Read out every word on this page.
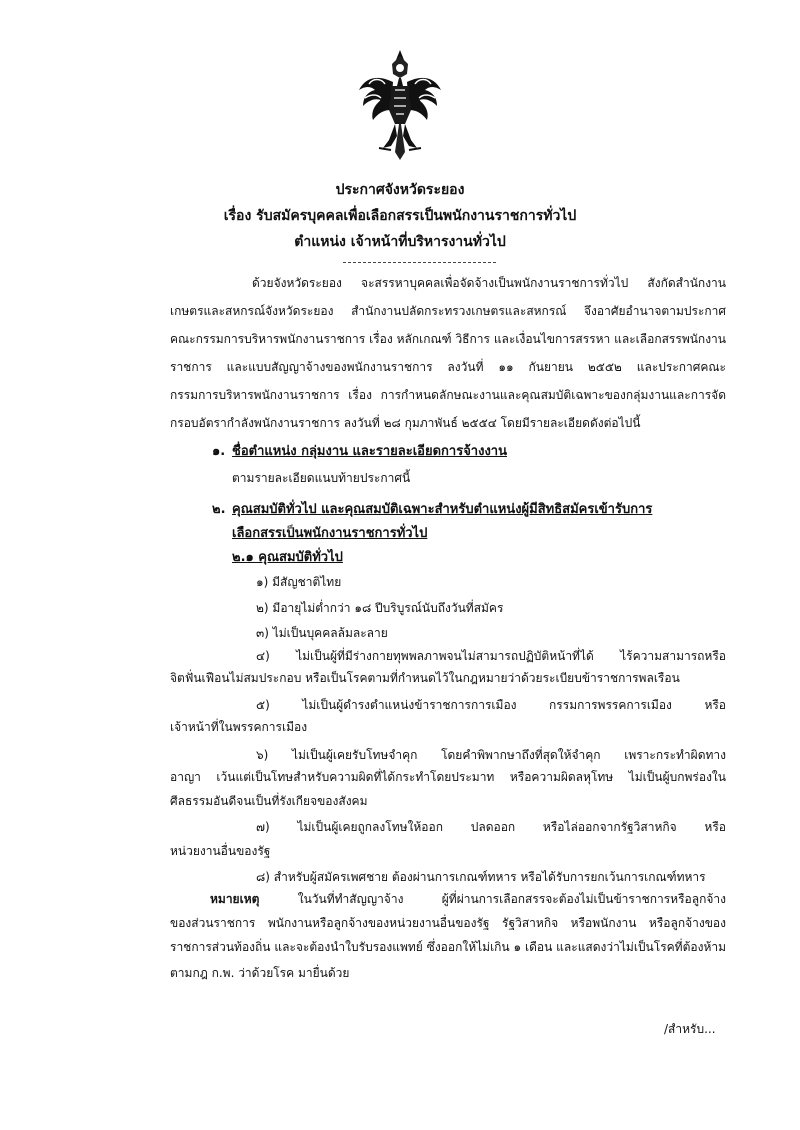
ประกาศจังหวัดระยอง
เรื่อง รับสมัครบุคคลเพื่อเลือกสรรเป็นพนักงานราชการทั่วไป
ตำแหน่ง เจ้าหน้าที่บริหารงานทั่วไป
ด้วยจังหวัดระยอง จะสรรหาบุคคลเพื่อจัดจ้างเป็นพนักงานราชการทั่วไป สังกัดสำนักงาน
เกษตรและสหกรณ์จังหวัดระยอง สำนักงานปลัดกระทรวงเกษตรและสหกรณ์ จึงอาศัยอำนาจตามประกาศ
คณะกรรมการบริหารพนักงานราชการ เรื่อง หลักเกณฑ์ วิธีการ และเงื่อนไขการสรรหา และเลือกสรรพนักงาน
ราชการ และแบบสัญญาจ้างของพนักงานราชการ ลงวันที่ ๑๑ กันยายน ๒๕๕๒ และประกาศคณะ
กรรมการบริหารพนักงานราชการ เรื่อง การกำหนดลักษณะงานและคุณสมบัติเฉพาะของกลุ่มงานและการจัด
กรอบอัตรากำลังพนักงานราชการ ลงวันที่ ๒๘ กุมภาพันธ์ ๒๕๕๔ โดยมีรายละเอียดดังต่อไปนี้
๑. ชื่อตำแหน่ง กลุ่มงาน และรายละเอียดการจ้างงาน
ตามรายละเอียดแนบท้ายประกาศนี้
๒. คุณสมบัติทั่วไป และคุณสมบัติเฉพาะสำหรับตำแหน่งผู้มีสิทธิสมัครเข้ารับการ
เลือกสรรเป็นพนักงานราชการทั่วไป
๒.๑ คุณสมบัติทั่วไป
๑) มีสัญชาติไทย
๒) มีอายุไม่ต่ำกว่า ๑๘ ปีบริบูรณ์นับถึงวันที่สมัคร
๓) ไม่เป็นบุคคลล้มละลาย
๔) ไม่เป็นผู้ที่มีร่างกายทุพพลภาพจนไม่สามารถปฏิบัติหน้าที่ได้ ไร้ความสามารถหรือ
จิตฟั่นเฟือนไม่สมประกอบ หรือเป็นโรคตามที่กำหนดไว้ในกฎหมายว่าด้วยระเบียบข้าราชการพลเรือน
๕) ไม่เป็นผู้ดำรงตำแหน่งข้าราชการการเมือง กรรมการพรรคการเมือง หรือ
เจ้าหน้าที่ในพรรคการเมือง
๖) ไม่เป็นผู้เคยรับโทษจำคุก โดยคำพิพากษาถึงที่สุดให้จำคุก เพราะกระทำผิดทาง
อาญา เว้นแต่เป็นโทษสำหรับความผิดที่ได้กระทำโดยประมาท หรือความผิดลหุโทษ ไม่เป็นผู้บกพร่องใน
ศีลธรรมอันดีจนเป็นที่รังเกียจของสังคม
๗) ไม่เป็นผู้เคยถูกลงโทษให้ออก ปลดออก หรือไล่ออกจากรัฐวิสาหกิจ หรือ
หน่วยงานอื่นของรัฐ
๘) สำหรับผู้สมัครเพศชาย ต้องผ่านการเกณฑ์ทหาร หรือได้รับการยกเว้นการเกณฑ์ทหาร
หมายเหตุ ในวันที่ทำสัญญาจ้าง ผู้ที่ผ่านการเลือกสรรจะต้องไม่เป็นข้าราชการหรือลูกจ้าง
ของส่วนราชการ พนักงานหรือลูกจ้างของหน่วยงานอื่นของรัฐ รัฐวิสาหกิจ หรือพนักงาน หรือลูกจ้างของ
ราชการส่วนท้องถิ่น และจะต้องนำใบรับรองแพทย์ ซึ่งออกให้ไม่เกิน ๑ เดือน และแสดงว่าไม่เป็นโรคที่ต้องห้าม
ตามกฎ ก.พ. ว่าด้วยโรค มายื่นด้วย
/สำหรับ...
